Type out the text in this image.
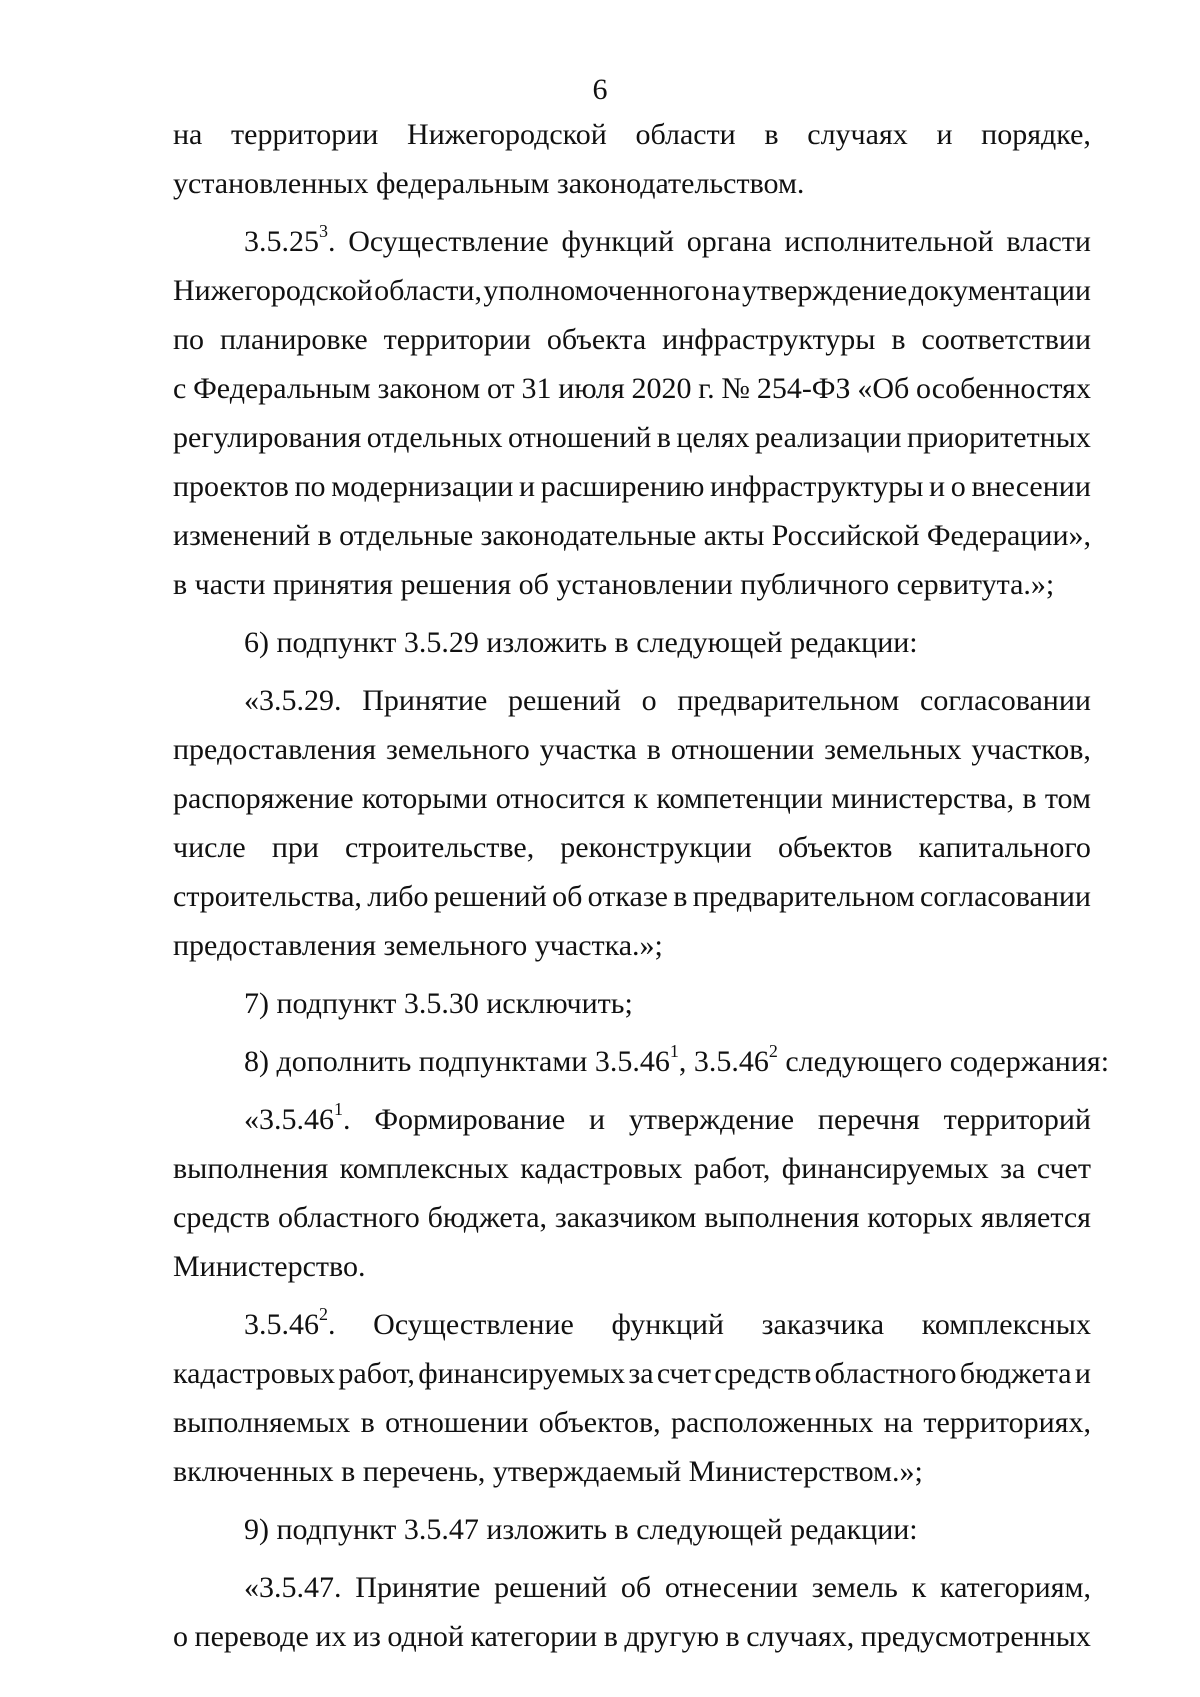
6
на территории Нижегородской области в случаях и порядке,
установленных федеральным законодательством.
3.5.25$^3$. Осуществление функций органа исполнительной власти
Нижегородской области, уполномоченного на утверждение документации
по планировке территории объекта инфраструктуры в соответствии
с Федеральным законом от 31 июля 2020 г. № 254-ФЗ «Об особенностях
регулирования отдельных отношений в целях реализации приоритетных
проектов по модернизации и расширению инфраструктуры и о внесении
изменений в отдельные законодательные акты Российской Федерации»,
в части принятия решения об установлении публичного сервитута.»;
6) подпункт 3.5.29 изложить в следующей редакции:
«3.5.29. Принятие решений о предварительном согласовании
предоставления земельного участка в отношении земельных участков,
распоряжение которыми относится к компетенции министерства, в том
числе при строительстве, реконструкции объектов капитального
строительства, либо решений об отказе в предварительном согласовании
предоставления земельного участка.»;
7) подпункт 3.5.30 исключить;
8) дополнить подпунктами 3.5.46$^1$, 3.5.46$^2$ следующего содержания:
«3.5.46$^1$. Формирование и утверждение перечня территорий
выполнения комплексных кадастровых работ, финансируемых за счет
средств областного бюджета, заказчиком выполнения которых является
Министерство.
3.5.46$^2$. Осуществление функций заказчика комплексных
кадастровых работ, финансируемых за счет средств областного бюджета и
выполняемых в отношении объектов, расположенных на территориях,
включенных в перечень, утверждаемый Министерством.»;
9) подпункт 3.5.47 изложить в следующей редакции:
«3.5.47. Принятие решений об отнесении земель к категориям,
о переводе их из одной категории в другую в случаях, предусмотренных
